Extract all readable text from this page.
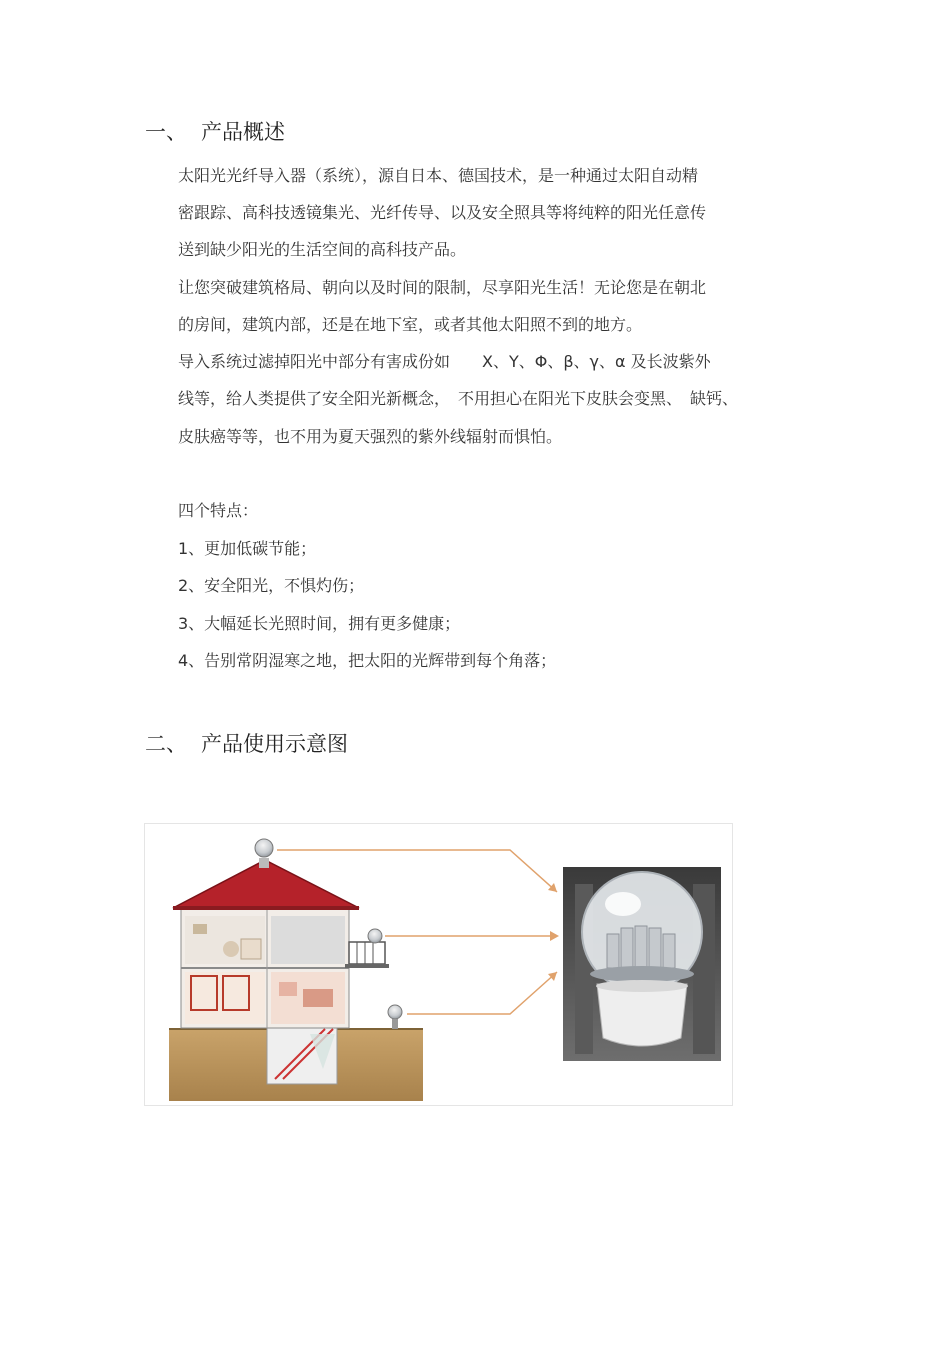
一、 产品概述
太阳光光纤导入器（系统），源自日本、德国技术，是一种通过太阳自动精
密跟踪、高科技透镜集光、光纤传导、以及安全照具等将纯粹的阳光任意传
送到缺少阳光的生活空间的高科技产品。
让您突破建筑格局、朝向以及时间的限制，尽享阳光生活！无论您是在朝北
的房间，建筑内部，还是在地下室，或者其他太阳照不到的地方。
导入系统过滤掉阳光中部分有害成份如　　X、Y、Φ、β、γ、α 及长波紫外
线等，给人类提供了安全阳光新概念，　不用担心在阳光下皮肤会变黑、　缺钙、
皮肤癌等等，也不用为夏天强烈的紫外线辐射而惧怕。
四个特点：
1、更加低碳节能；
2、安全阳光，不惧灼伤；
3、大幅延长光照时间，拥有更多健康；
4、告别常阴湿寒之地，把太阳的光辉带到每个角落；
二、 产品使用示意图
